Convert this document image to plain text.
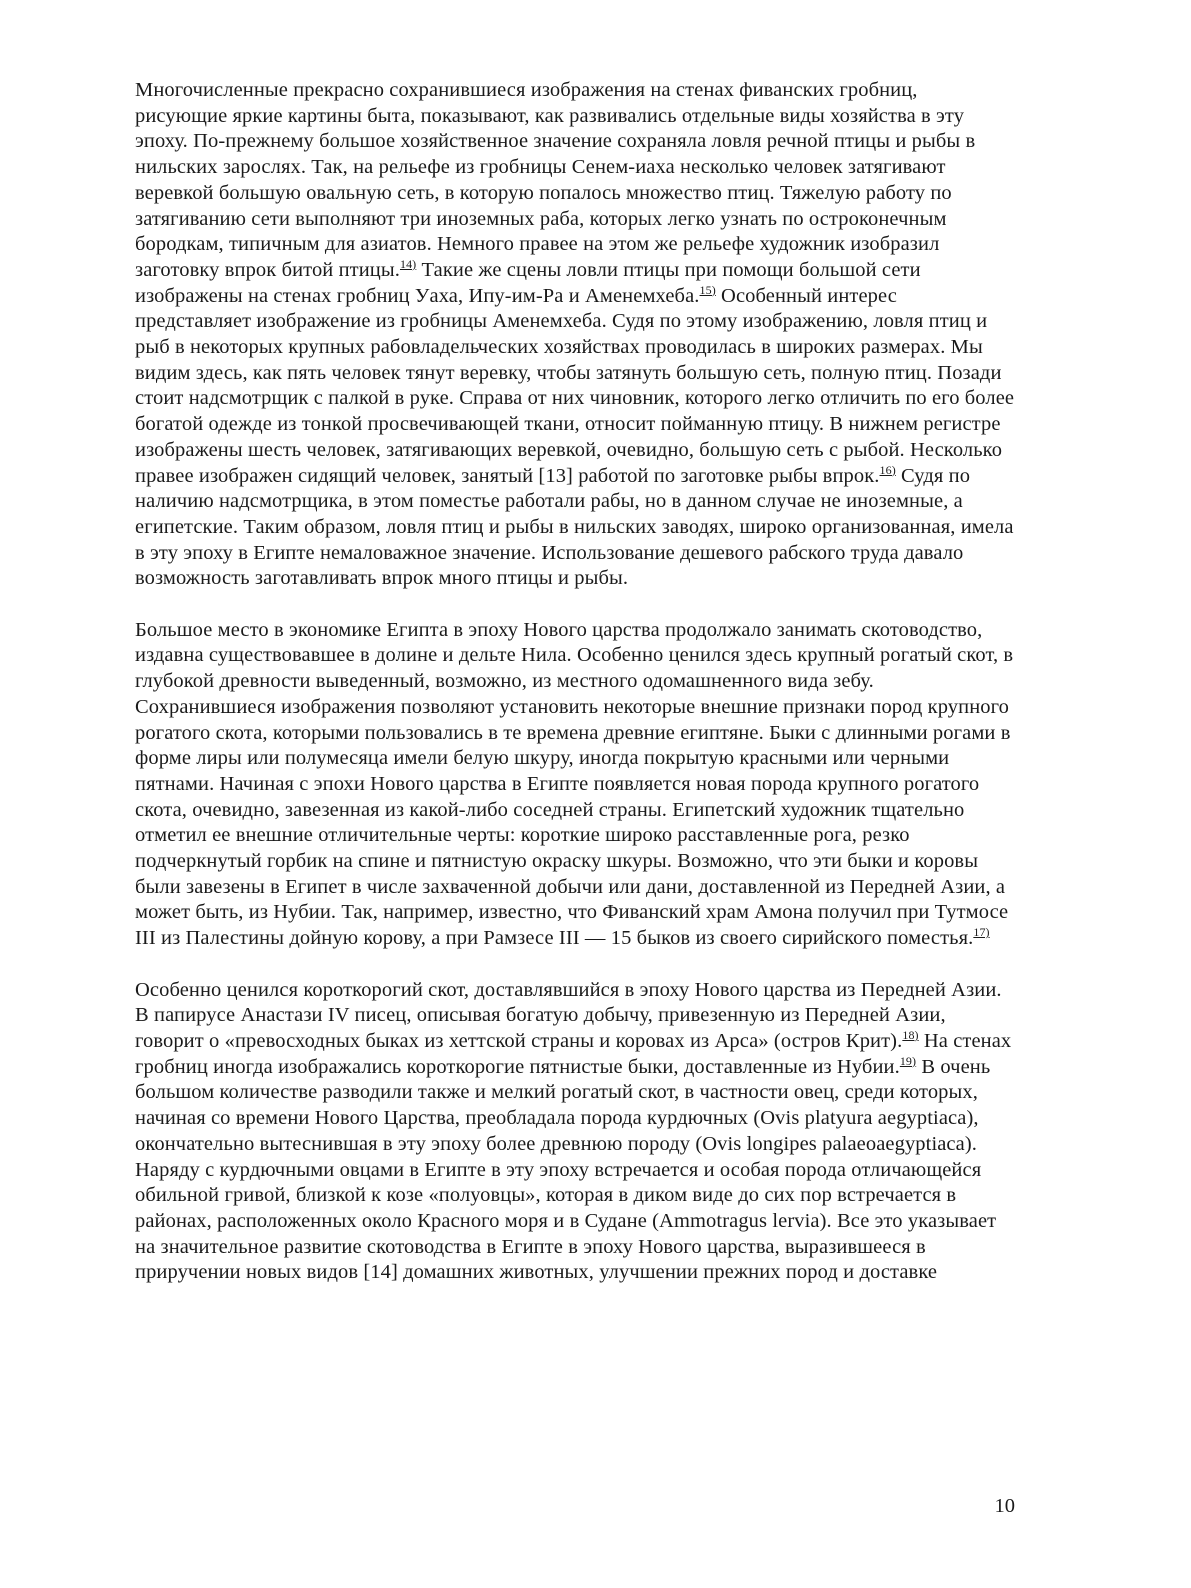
Многочисленные прекрасно сохранившиеся изображения на стенах фиванских гробниц, рисующие яркие картины быта, показывают, как развивались отдельные виды хозяйства в эту эпоху. По-прежнему большое хозяйственное значение сохраняла ловля речной птицы и рыбы в нильских зарослях. Так, на рельефе из гробницы Сенем-иаха несколько человек затягивают веревкой большую овальную сеть, в которую попалось множество птиц. Тяжелую работу по затягиванию сети выполняют три иноземных раба, которых легко узнать по остроконечным бородкам, типичным для азиатов. Немного правее на этом же рельефе художник изобразил заготовку впрок битой птицы.$^{14)}$ Такие же сцены ловли птицы при помощи большой сети изображены на стенах гробниц Уаха, Ипу-им-Ра и Аменемхеба.$^{15)}$ Особенный интерес представляет изображение из гробницы Аменемхеба. Судя по этому изображению, ловля птиц и рыб в некоторых крупных рабовладельческих хозяйствах проводилась в широких размерах. Мы видим здесь, как пять человек тянут веревку, чтобы затянуть большую сеть, полную птиц. Позади стоит надсмотрщик с палкой в руке. Справа от них чиновник, которого легко отличить по его более богатой одежде из тонкой просвечивающей ткани, относит пойманную птицу. В нижнем регистре изображены шесть человек, затягивающих веревкой, очевидно, большую сеть с рыбой. Несколько правее изображен сидящий человек, занятый [13] работой по заготовке рыбы впрок.$^{16)}$ Судя по наличию надсмотрщика, в этом поместье работали рабы, но в данном случае не иноземные, а египетские. Таким образом, ловля птиц и рыбы в нильских заводях, широко организованная, имела в эту эпоху в Египте немаловажное значение. Использование дешевого рабского труда давало возможность заготавливать впрок много птицы и рыбы.

Большое место в экономике Египта в эпоху Нового царства продолжало занимать скотоводство, издавна существовавшее в долине и дельте Нила. Особенно ценился здесь крупный рогатый скот, в глубокой древности выведенный, возможно, из местного одомашненного вида зебу. Сохранившиеся изображения позволяют установить некоторые внешние признаки пород крупного рогатого скота, которыми пользовались в те времена древние египтяне. Быки с длинными рогами в форме лиры или полумесяца имели белую шкуру, иногда покрытую красными или черными пятнами. Начиная с эпохи Нового царства в Египте появляется новая порода крупного рогатого скота, очевидно, завезенная из какой-либо соседней страны. Египетский художник тщательно отметил ее внешние отличительные черты: короткие широко расставленные рога, резко подчеркнутый горбик на спине и пятнистую окраску шкуры. Возможно, что эти быки и коровы были завезены в Египет в числе захваченной добычи или дани, доставленной из Передней Азии, а может быть, из Нубии. Так, например, известно, что Фиванский храм Амона получил при Тутмосе III из Палестины дойную корову, а при Рамзесе III — 15 быков из своего сирийского поместья.$^{17)}$

Особенно ценился короткорогий скот, доставлявшийся в эпоху Нового царства из Передней Азии. В папирусе Анастази IV писец, описывая богатую добычу, привезенную из Передней Азии, говорит о «превосходных быках из хеттской страны и коровах из Арса» (остров Крит).$^{18)}$ На стенах гробниц иногда изображались короткорогие пятнистые быки, доставленные из Нубии.$^{19)}$ В очень большом количестве разводили также и мелкий рогатый скот, в частности овец, среди которых, начиная со времени Нового Царства, преобладала порода курдючных (Ovis platyura aegyptiaca), окончательно вытеснившая в эту эпоху более древнюю породу (Ovis longipes palaeoaegyptiaca). Наряду с курдючными овцами в Египте в эту эпоху встречается и особая порода отличающейся обильной гривой, близкой к козе «полуовцы», которая в диком виде до сих пор встречается в районах, расположенных около Красного моря и в Судане (Ammotragus lervia). Все это указывает на значительное развитие скотоводства в Египте в эпоху Нового царства, выразившееся в приручении новых видов [14] домашних животных, улучшении прежних пород и доставке

10
